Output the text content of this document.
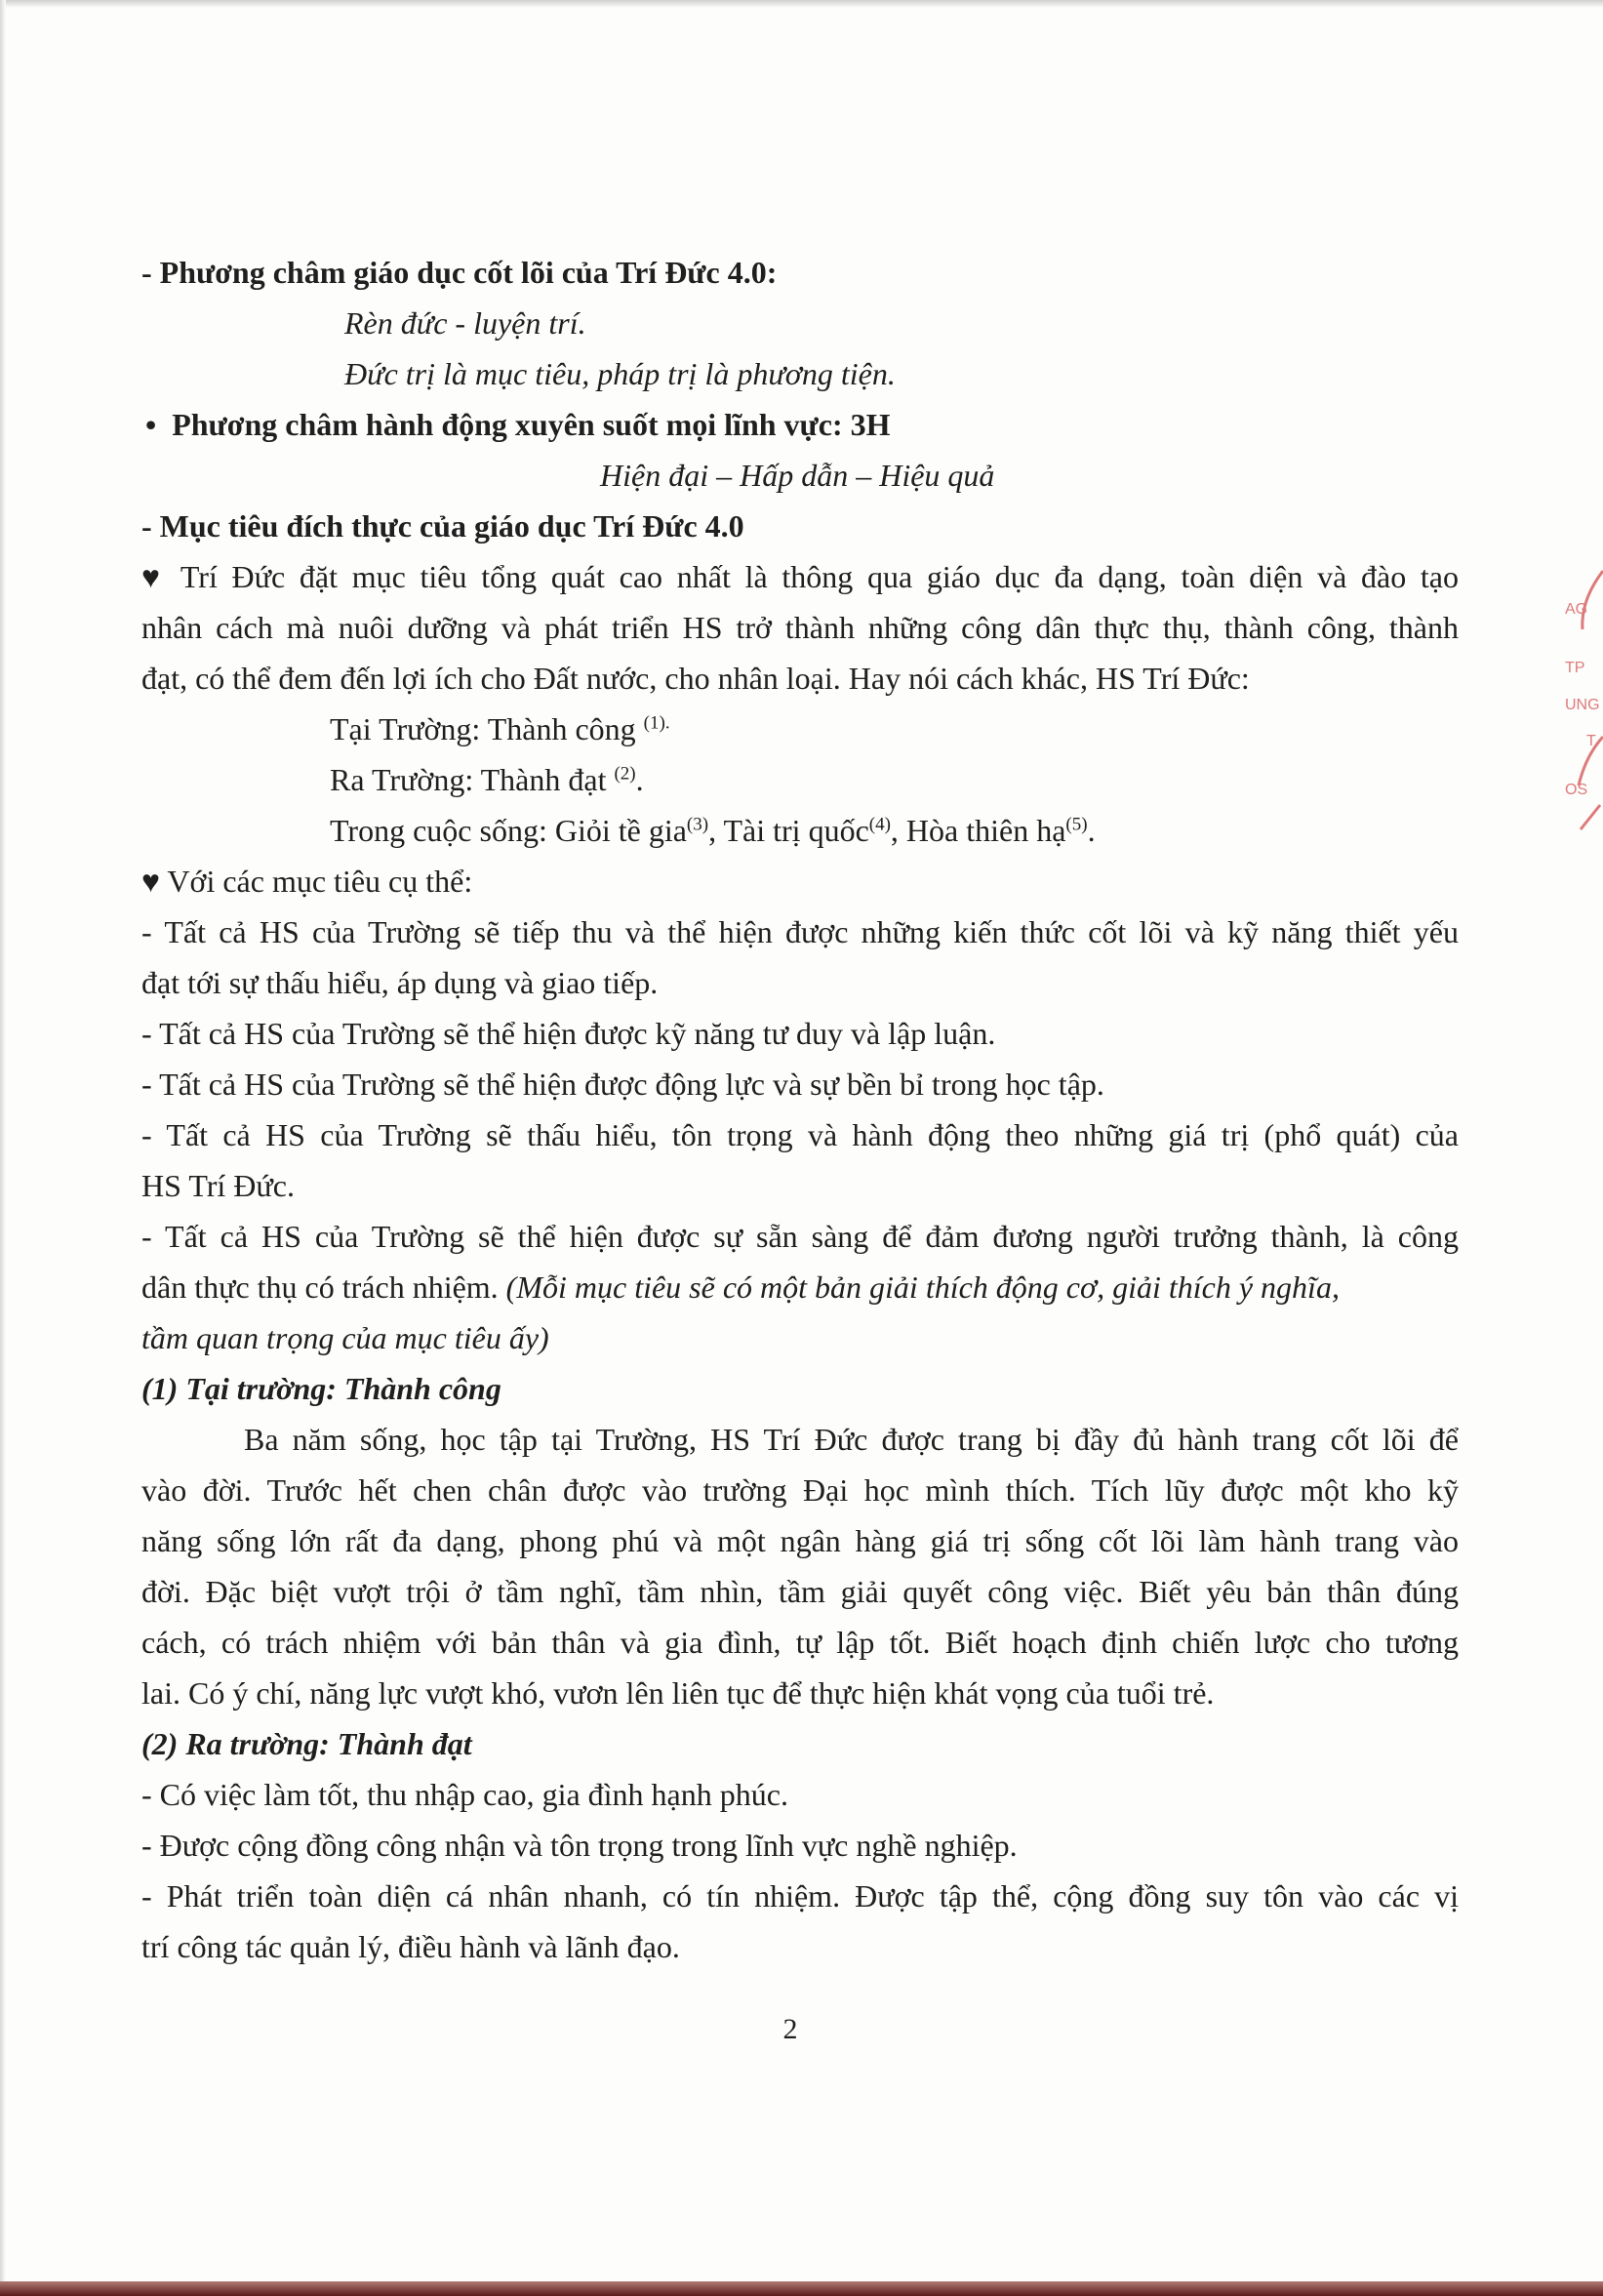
- Phương châm giáo dục cốt lõi của Trí Đức 4.0:
Rèn đức - luyện trí.
Đức trị là mục tiêu, pháp trị là phương tiện.
• Phương châm hành động xuyên suốt mọi lĩnh vực: 3H
Hiện đại – Hấp dẫn – Hiệu quả
- Mục tiêu đích thực của giáo dục Trí Đức 4.0
♥ Trí Đức đặt mục tiêu tổng quát cao nhất là thông qua giáo dục đa dạng, toàn diện và đào tạo
nhân cách mà nuôi dưỡng và phát triển HS trở thành những công dân thực thụ, thành công, thành
đạt, có thể đem đến lợi ích cho Đất nước, cho nhân loại. Hay nói cách khác, HS Trí Đức:
Tại Trường: Thành công $^{(1).}$
Ra Trường: Thành đạt $^{(2)}$.
Trong cuộc sống: Giỏi tề gia$^{(3)}$, Tài trị quốc$^{(4)}$, Hòa thiên hạ$^{(5)}$.
♥ Với các mục tiêu cụ thể:
- Tất cả HS của Trường sẽ tiếp thu và thể hiện được những kiến thức cốt lõi và kỹ năng thiết yếu
đạt tới sự thấu hiểu, áp dụng và giao tiếp.
- Tất cả HS của Trường sẽ thể hiện được kỹ năng tư duy và lập luận.
- Tất cả HS của Trường sẽ thể hiện được động lực và sự bền bỉ trong học tập.
- Tất cả HS của Trường sẽ thấu hiểu, tôn trọng và hành động theo những giá trị (phổ quát) của
HS Trí Đức.
- Tất cả HS của Trường sẽ thể hiện được sự sẵn sàng để đảm đương người trưởng thành, là công
dân thực thụ có trách nhiệm. (Mỗi mục tiêu sẽ có một bản giải thích động cơ, giải thích ý nghĩa,
tầm quan trọng của mục tiêu ấy)
(1) Tại trường: Thành công
Ba năm sống, học tập tại Trường, HS Trí Đức được trang bị đầy đủ hành trang cốt lõi để
vào đời. Trước hết chen chân được vào trường Đại học mình thích. Tích lũy được một kho kỹ
năng sống lớn rất đa dạng, phong phú và một ngân hàng giá trị sống cốt lõi làm hành trang vào
đời. Đặc biệt vượt trội ở tầm nghĩ, tầm nhìn, tầm giải quyết công việc. Biết yêu bản thân đúng
cách, có trách nhiệm với bản thân và gia đình, tự lập tốt. Biết hoạch định chiến lược cho tương
lai. Có ý chí, năng lực vượt khó, vươn lên liên tục để thực hiện khát vọng của tuổi trẻ.
(2) Ra trường: Thành đạt
- Có việc làm tốt, thu nhập cao, gia đình hạnh phúc.
- Được cộng đồng công nhận và tôn trọng trong lĩnh vực nghề nghiệp.
- Phát triển toàn diện cá nhân nhanh, có tín nhiệm. Được tập thể, cộng đồng suy tôn vào các vị
trí công tác quản lý, điều hành và lãnh đạo.
2
AG
TP
UNG
T
OS
